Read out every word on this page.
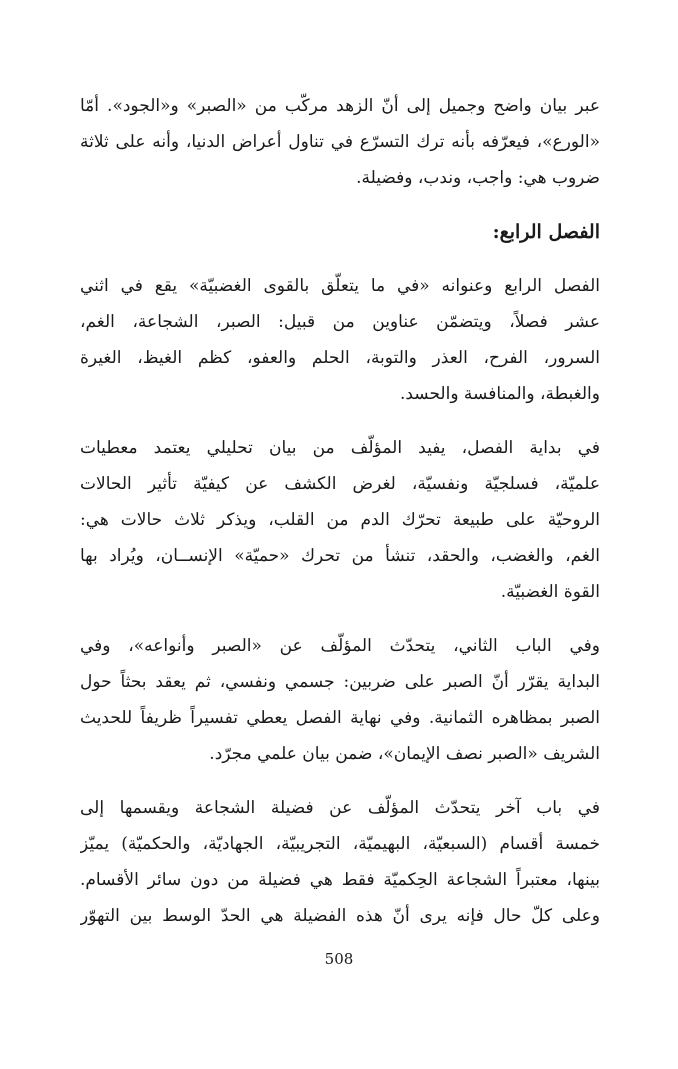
عبر بيان واضح وجميل إلى أنّ الزهد مركّب من «الصبر» و«الجود». أمّا
«الورع»، فيعرّفه بأنه ترك التسرّع في تناول أعراض الدنيا، وأنه على ثلاثة
ضروب هي: واجب، وندب، وفضيلة.
الفصل الرابع:
الفصل الرابع وعنوانه «في ما يتعلّق بالقوى الغضبيّة» يقع في اثني
عشر فصلاً، ويتضمّن عناوين من قبيل: الصبر، الشجاعة، الغم،
السرور، الفرح، العذر والتوبة، الحلم والعفو، كظم الغيظ، الغيرة
والغبطة، والمنافسة والحسد.
في بداية الفصل، يفيد المؤلّف من بيان تحليلي يعتمد معطيات
علميّة، فسلجيّة ونفسيّة، لغرض الكشف عن كيفيّة تأثير الحالات
الروحيّة على طبيعة تحرّك الدم من القلب، ويذكر ثلاث حالات هي:
الغم، والغضب، والحقد، تنشأ من تحرك «حميّة» الإنســان، ويُراد بها
القوة الغضبيّة.
وفي الباب الثاني، يتحدّث المؤلّف عن «الصبر وأنواعه»، وفي
البداية يقرّر أنّ الصبر على ضربين: جسمي ونفسي، ثم يعقد بحثاً حول
الصبر بمظاهره الثمانية. وفي نهاية الفصل يعطي تفسيراً ظريفاً للحديث
الشريف «الصبر نصف الإيمان»، ضمن بيان علمي مجرّد.
في باب آخر يتحدّث المؤلّف عن فضيلة الشجاعة ويقسمها إلى
خمسة أقسام (السبعيّة، البهيميّة، التجريبيّة، الجهاديّة، والحكميّة) يميّز
بينها، معتبراً الشجاعة الحِكميّة فقط هي فضيلة من دون سائر الأقسام.
وعلى كلّ حال فإنه يرى أنّ هذه الفضيلة هي الحدّ الوسط بين التهوّر
508
